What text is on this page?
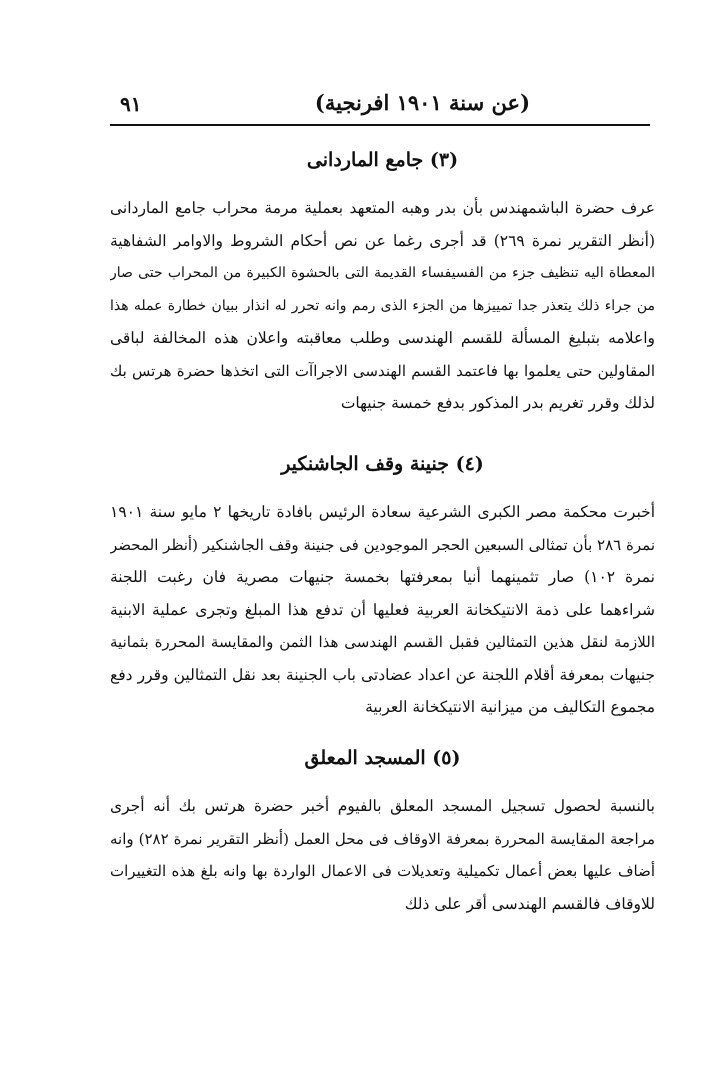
(عن سنة ١٩٠١ افرنجية)
٩١
(٣) جامع الماردانى
عرف حضرة الباشمهندس بأن بدر وهبه المتعهد بعملية مرمة محراب جامع الماردانى
(أنظر التقرير نمرة ٢٦٩) قد أجرى رغما عن نص أحكام الشروط والاوامر الشفاهية
المعطاة اليه تنظيف جزء من الفسيفساء القديمة التى بالحشوة الكبيرة من المحراب حتى صار
من جراء ذلك يتعذر جدا تمييزها من الجزء الذى رمم وانه تحرر له انذار ببيان خطارة عمله هذا
واعلامه بتبليغ المسألة للقسم الهندسى وطلب معاقبته واعلان هذه المخالفة لباقى
المقاولين حتى يعلموا بها فاعتمد القسم الهندسى الاجراآت التى اتخذها حضرة هرتس بك
لذلك وقرر تغريم بدر المذكور بدفع خمسة جنيهات
(٤) جنينة وقف الجاشنكير
أخبرت محكمة مصر الكبرى الشرعية سعادة الرئيس بافادة تاريخها ٢ مايو سنة ١٩٠١
نمرة ٢٨٦ بأن تمثالى السبعين الحجر الموجودين فى جنينة وقف الجاشنكير (أنظر المحضر
نمرة ١٠٢) صار تثمينهما أنيا بمعرفتها بخمسة جنيهات مصرية فان رغبت اللجنة
شراءهما على ذمة الانتيكخانة العربية فعليها أن تدفع هذا المبلغ وتجرى عملية الابنية
اللازمة لنقل هذين التمثالين فقبل القسم الهندسى هذا الثمن والمقايسة المحررة بثمانية
جنيهات بمعرفة أقلام اللجنة عن اعداد عضادتى باب الجنينة بعد نقل التمثالين وقرر دفع
مجموع التكاليف من ميزانية الانتيكخانة العربية
(٥) المسجد المعلق
بالنسبة لحصول تسجيل المسجد المعلق بالفيوم أخبر حضرة هرتس بك أنه أجرى
مراجعة المقايسة المحررة بمعرفة الاوقاف فى محل العمل (أنظر التقرير نمرة ٢٨٢) وانه
أضاف عليها بعض أعمال تكميلية وتعديلات فى الاعمال الواردة بها وانه بلغ هذه التغييرات
للاوقاف فالقسم الهندسى أقر على ذلك
